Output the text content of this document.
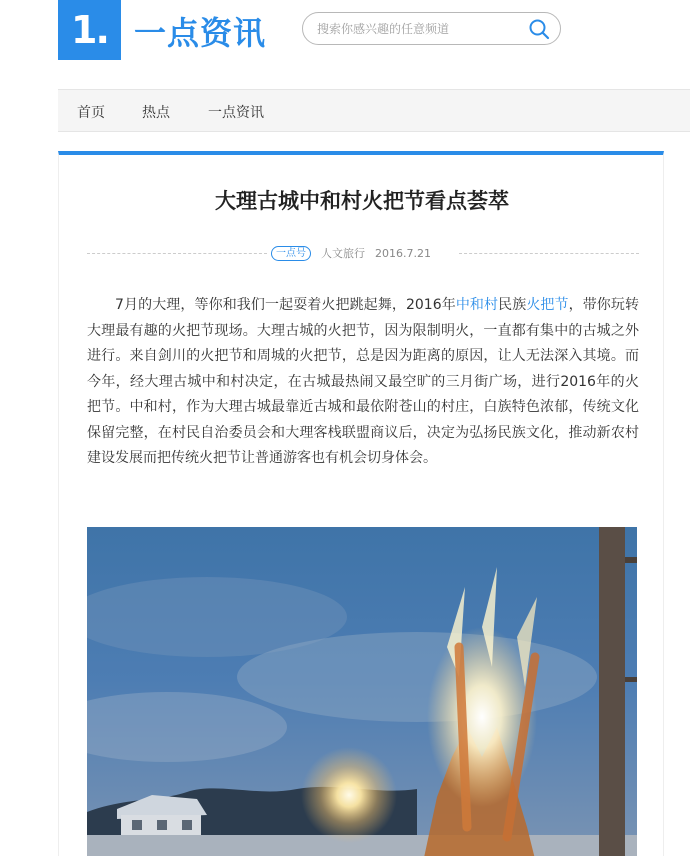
1. 一点资讯
搜索你感兴趣的任意频道
首页	热点	一点资讯
大理古城中和村火把节看点荟萃
一点号	人文旅行 2016.7.21

7月的大理，等你和我们一起耍着火把跳起舞，2016年中和村民族火把节，带你玩转大理最有趣的火把节现场。大理古城的火把节，因为限制明火，一直都有集中的古城之外进行。来自剑川的火把节和周城的火把节，总是因为距离的原因，让人无法深入其境。而今年，经大理古城中和村决定，在古城最热闹又最空旷的三月街广场，进行2016年的火把节。中和村，作为大理古城最靠近古城和最依附苍山的村庄，白族特色浓郁，传统文化保留完整，在村民自治委员会和大理客栈联盟商议后，决定为弘扬民族文化，推动新农村建设发展而把传统火把节让普通游客也有机会切身体会。
